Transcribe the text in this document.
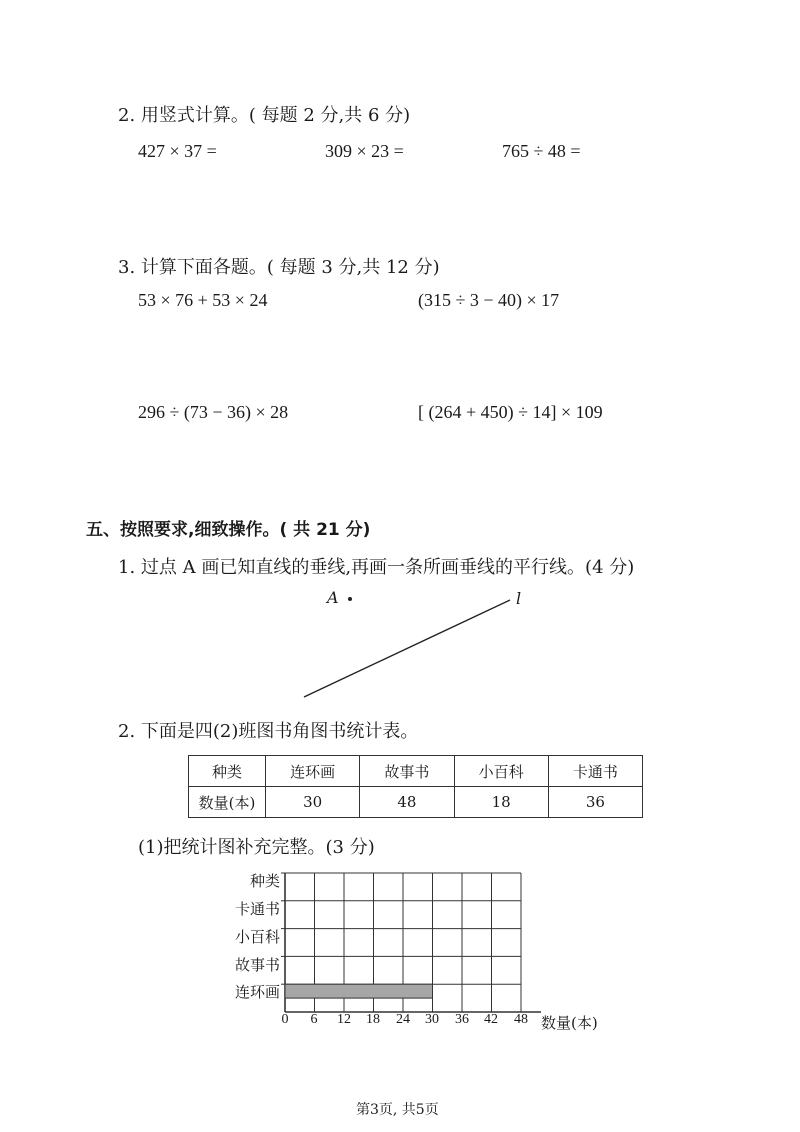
2. 用竖式计算。( 每题 2 分,共 6 分)
427 × 37 =	309 × 23 =	765 ÷ 48 =
3. 计算下面各题。( 每题 3 分,共 12 分)
53 × 76 + 53 × 24	(315 ÷ 3 − 40) × 17
296 ÷ (73 − 36) × 28	[ (264 + 450) ÷ 14] × 109
五、按照要求,细致操作。( 共 21 分)
1. 过点 A 画已知直线的垂线,再画一条所画垂线的平行线。(4 分)
A	l
2. 下面是四(2)班图书角图书统计表。
种类	连环画	故事书	小百科	卡通书
数量(本)	30	48	18	36
(1)把统计图补充完整。(3 分)
种类
卡通书
小百科
故事书
连环画
0 6 12 18 24 30 36 42 48 数量(本)
第3页, 共5页
